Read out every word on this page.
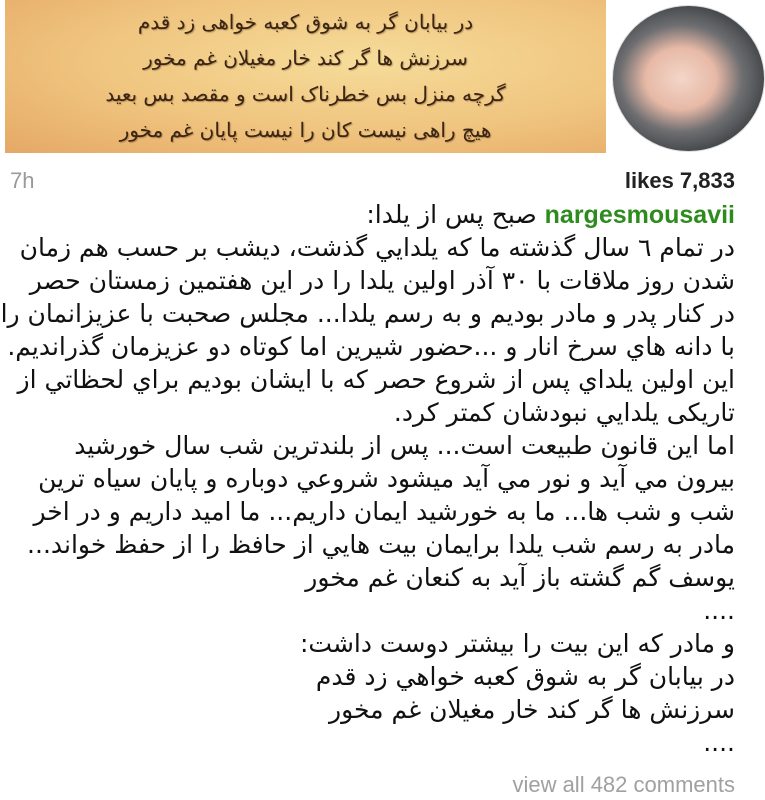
در بیابان گر به شوق کعبه خواهی زد قدم
سرزنش ها گر کند خار مغیلان غم مخور
گرچه منزل بس خطرناک است و مقصد بس بعید
هیچ راهی نیست کان را نیست پایان غم مخور
7h	likes 7,833
nargesmousavii صبح پس از یلدا:
در تمام ٦ سال گذشته ما که یلدایي گذشت، دیشب بر حسب هم زمان
شدن روز ملاقات با ۳۰ آذر اولین یلدا را در این هفتمین زمستان حصر
در کنار پدر و مادر بودیم و به رسم یلدا... مجلس صحبت با عزیزانمان را
با دانه هاي سرخ انار و ...حضور شیرین اما کوتاه دو عزیزمان گذراندیم.
این اولین یلداي پس از شروع حصر که با ایشان بودیم براي لحظاتي از
تاریکی یلدایي نبودشان کمتر کرد.
اما این قانون طبیعت است... پس از بلندترین شب سال خورشید
بیرون مي آید و نور مي آید میشود شروعي دوباره و پایان سیاه ترین
شب و شب ها... ما به خورشید ایمان داریم... ما امید داریم و در اخر
مادر به رسم شب یلدا برایمان بیت هایي از حافظ را از حفظ خواند...
یوسف گم گشته باز آید به کنعان غم مخور
....
و مادر که این بیت را بیشتر دوست داشت:
در بیابان گر به شوق کعبه خواهي زد قدم
سرزنش ها گر کند خار مغیلان غم مخور
....
view all 482 comments
